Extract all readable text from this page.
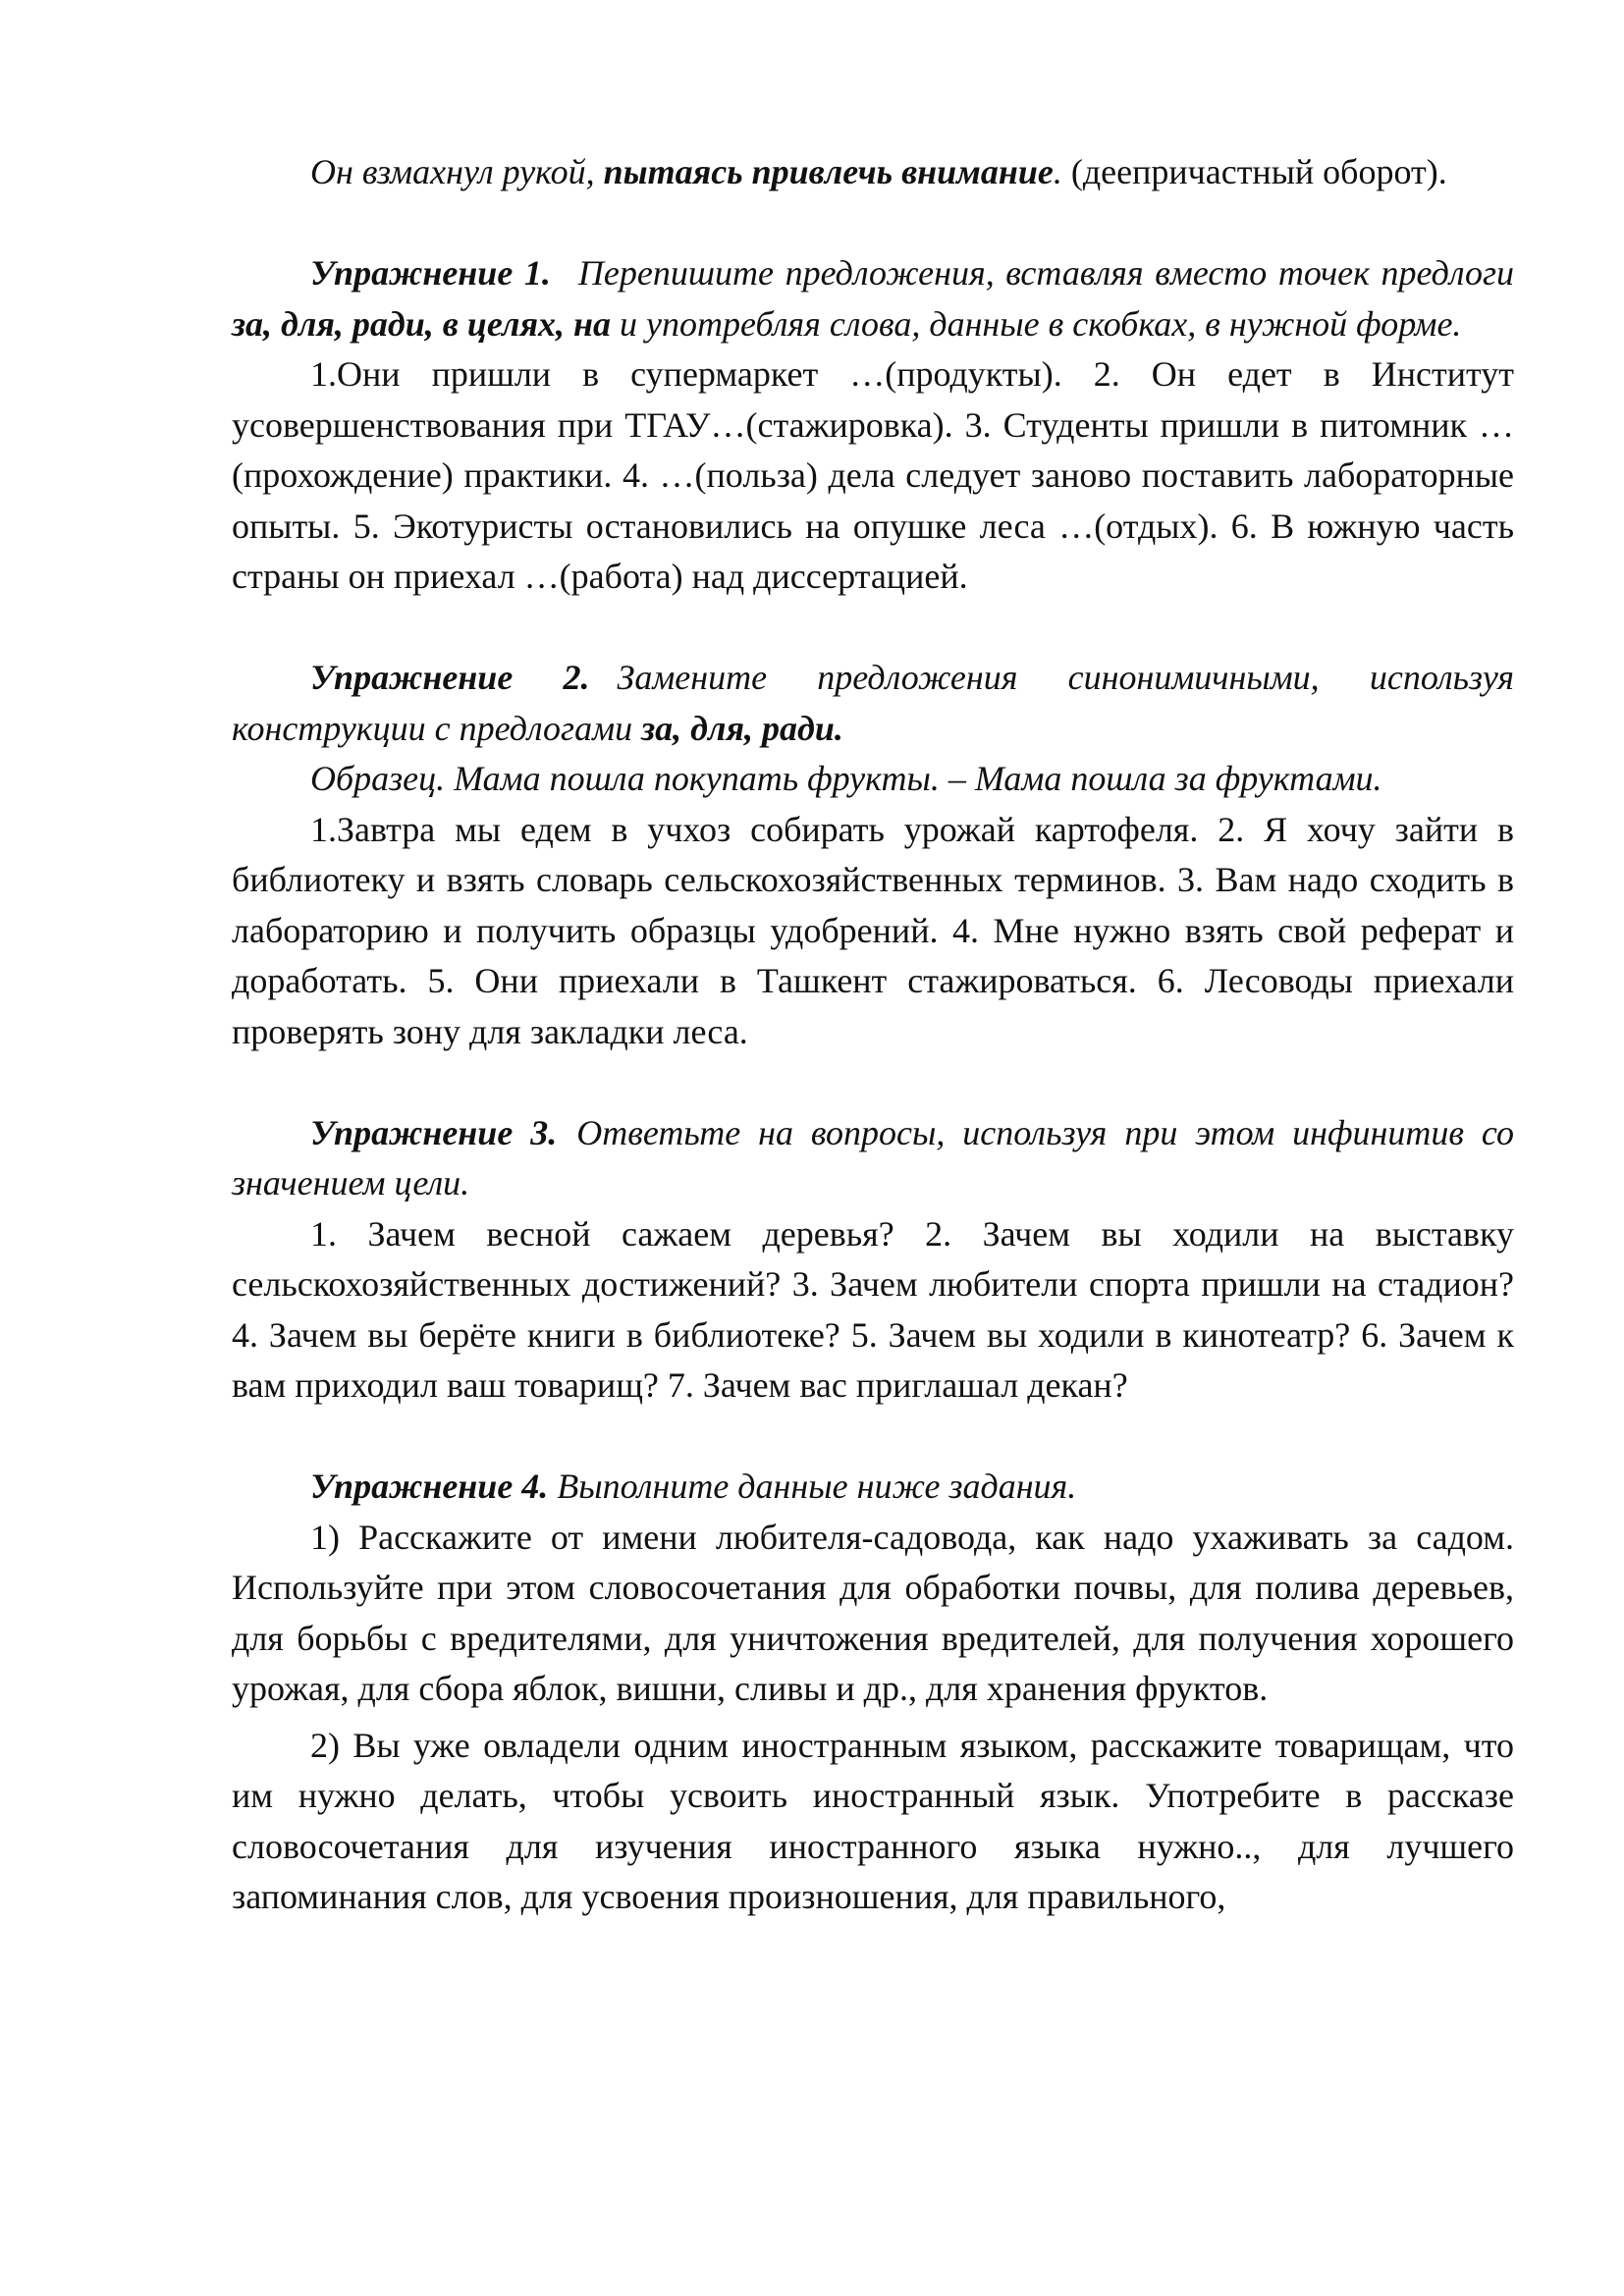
Он взмахнул рукой, пытаясь привлечь внимание. (деепричастный оборот).

Упражнение 1. Перепишите предложения, вставляя вместо точек предлоги за, для, ради, в целях, на и употребляя слова, данные в скобках, в нужной форме.

1.Они пришли в супермаркет …(продукты). 2. Он едет в Институт усовершенствования при ТГАУ…(стажировка). 3. Студенты пришли в питомник …(прохождение) практики. 4. …(польза) дела следует заново поставить лабораторные опыты. 5. Экотуристы остановились на опушке леса …(отдых). 6. В южную часть страны он приехал …(работа) над диссертацией.

Упражнение 2. Замените предложения синонимичными, используя конструкции с предлогами за, для, ради.

Образец. Мама пошла покупать фрукты. – Мама пошла за фруктами.

1.Завтра мы едем в учхоз собирать урожай картофеля. 2. Я хочу зайти в библиотеку и взять словарь сельскохозяйственных терминов. 3. Вам надо сходить в лабораторию и получить образцы удобрений. 4. Мне нужно взять свой реферат и доработать. 5. Они приехали в Ташкент стажироваться. 6. Лесоводы приехали проверять зону для закладки леса.

Упражнение 3. Ответьте на вопросы, используя при этом инфинитив со значением цели.

1. Зачем весной сажаем деревья? 2. Зачем вы ходили на выставку сельскохозяйственных достижений? 3. Зачем любители спорта пришли на стадион? 4. Зачем вы берёте книги в библиотеке? 5. Зачем вы ходили в кинотеатр? 6. Зачем к вам приходил ваш товарищ? 7. Зачем вас приглашал декан?

Упражнение 4. Выполните данные ниже задания.

1) Расскажите от имени любителя-садовода, как надо ухаживать за садом. Используйте при этом словосочетания для обработки почвы, для полива деревьев, для борьбы с вредителями, для уничтожения вредителей, для получения хорошего урожая, для сбора яблок, вишни, сливы и др., для хранения фруктов.

2) Вы уже овладели одним иностранным языком, расскажите товарищам, что им нужно делать, чтобы усвоить иностранный язык. Употребите в рассказе словосочетания для изучения иностранного языка нужно.., для лучшего запоминания слов, для усвоения произношения, для правильного,
